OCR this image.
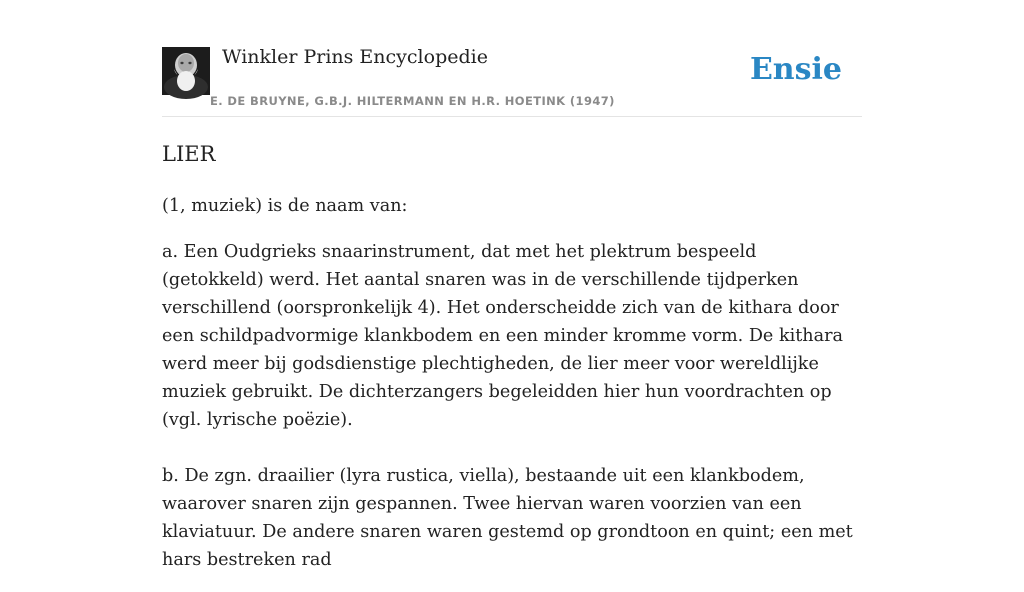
Winkler Prins Encyclopedie
E. DE BRUYNE, G.B.J. HILTERMANN EN H.R. HOETINK (1947)
Ensie
LIER

(1, muziek) is de naam van:

a. Een Oudgrieks snaarinstrument, dat met het plektrum bespeeld (getokkeld) werd. Het aantal snaren was in de verschillende tijdperken verschillend (oorspronkelijk 4). Het onderscheidde zich van de kithara door een schildpadvormige klankbodem en een minder kromme vorm. De kithara werd meer bij godsdienstige plechtigheden, de lier meer voor wereldlijke muziek gebruikt. De dichterzangers begeleidden hier hun voordrachten op (vgl. lyrische poëzie).

b. De zgn. draailier (lyra rustica, viella), bestaande uit een klankbodem, waarover snaren zijn gespannen. Twee hiervan waren voorzien van een klaviatuur. De andere snaren waren gestemd op grondtoon en quint; een met hars bestreken rad
